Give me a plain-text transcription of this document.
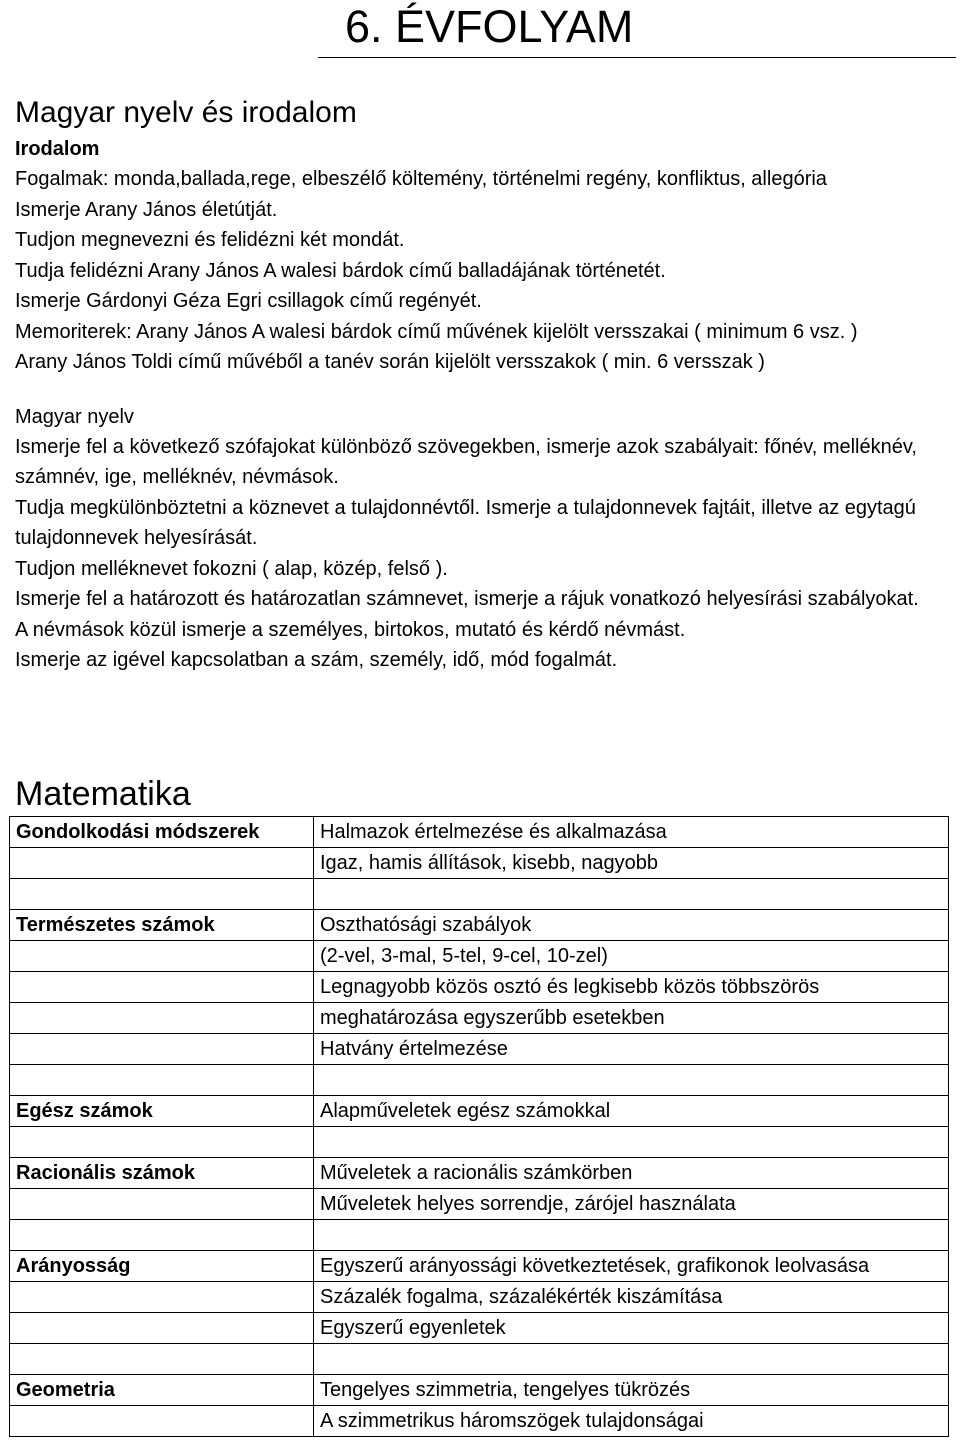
6. ÉVFOLYAM
Magyar nyelv és irodalom
Irodalom

Fogalmak: monda,ballada,rege, elbeszélő költemény, történelmi regény, konfliktus, allegória

Ismerje Arany János életútját.

Tudjon megnevezni és felidézni két mondát.

Tudja felidézni Arany János A walesi bárdok című balladájának történetét.

Ismerje Gárdonyi Géza Egri csillagok című regényét.

Memoriterek: Arany János A walesi bárdok című művének kijelölt versszakai ( minimum 6 vsz. )

Arany János Toldi című művéből a tanév során kijelölt versszakok ( min. 6 versszak )

Magyar nyelv

Ismerje fel a következő szófajokat különböző szövegekben, ismerje azok szabályait: főnév, melléknév, számnév, ige, melléknév, névmások.

Tudja megkülönböztetni a köznevet a tulajdonnévtől. Ismerje a tulajdonnevek fajtáit, illetve az egytagú tulajdonnevek helyesírását.

Tudjon melléknevet fokozni ( alap, közép, felső ).

Ismerje fel a határozott és határozatlan számnevet, ismerje a rájuk vonatkozó helyesírási szabályokat.

A névmások közül ismerje a személyes, birtokos, mutató és kérdő névmást.

Ismerje az igével kapcsolatban a szám, személy, idő, mód fogalmát.

Matematika
Gondolkodási módszerek	Halmazok értelmezése és alkalmazása
	Igaz, hamis állítások, kisebb, nagyobb

Természetes számok	Oszthatósági szabályok
	(2-vel, 3-mal, 5-tel, 9-cel, 10-zel)
	Legnagyobb közös osztó és legkisebb közös többszörös
	meghatározása egyszerűbb esetekben
	Hatvány értelmezése

Egész számok	Alapműveletek egész számokkal

Racionális számok	Műveletek a racionális számkörben
	Műveletek helyes sorrendje, zárójel használata

Arányosság	Egyszerű arányossági következtetések, grafikonok leolvasása
	Százalék fogalma, százalékérték kiszámítása
	Egyszerű egyenletek

Geometria	Tengelyes szimmetria, tengelyes tükrözés
	A szimmetrikus háromszögek tulajdonságai
